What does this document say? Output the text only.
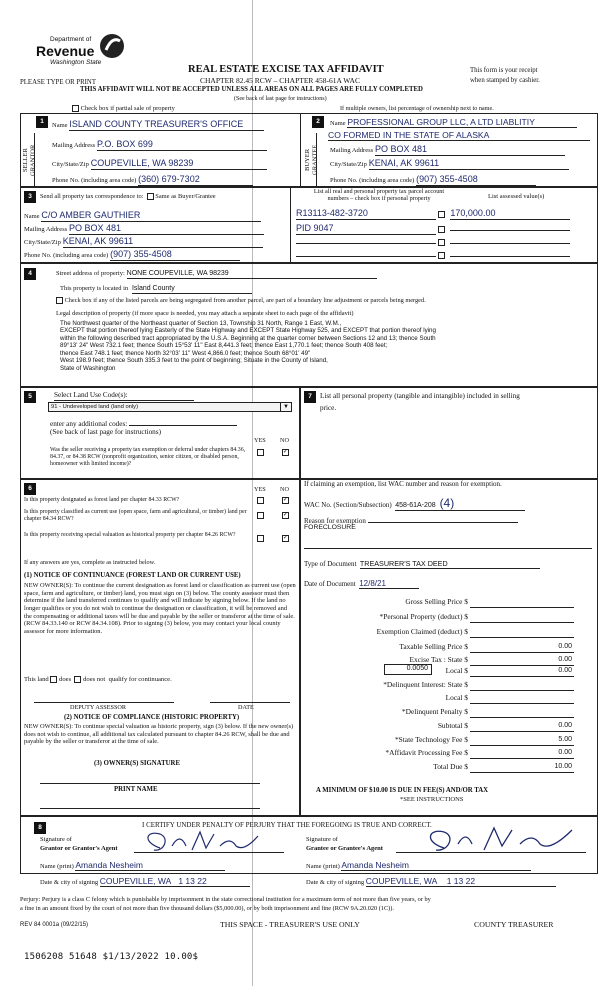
Department of
Revenue
Washington State
REAL ESTATE EXCISE TAX AFFIDAVIT
CHAPTER 82.45 RCW – CHAPTER 458-61A WAC
THIS AFFIDAVIT WILL NOT BE ACCEPTED UNLESS ALL AREAS ON ALL PAGES ARE FULLY COMPLETED
(See back of last page for instructions)
PLEASE TYPE OR PRINT
This form is your receipt
when stamped by cashier.
Check box if partial sale of property	If multiple owners, list percentage of ownership next to name.
1
SELLER
Name ISLAND COUNTY TREASURER'S OFFICE
Mailing Address P.O. BOX 699
City/State/Zip COUPEVILLE, WA 98239
Phone No. (including area code) (360) 679-7302
2
BUYER
Name PROFESSIONAL GROUP LLC, A LTD LIABLITIY
CO FORMED IN THE STATE OF ALASKA
Mailing Address PO BOX 481
City/State/Zip KENAI, AK 99611
Phone No. (including area code) (907) 355-4508
3	Send all property tax correspondence to: Same as Buyer/Grantee
Name C/O AMBER GAUTHIER
Mailing Address PO BOX 481
City/State/Zip KENAI, AK 99611
Phone No. (including area code) (907) 355-4508
List all real and personal property tax parcel account
numbers – check box if personal property	List assessed value(s)
R13113-482-3720	170,000.00
PID 9047

4	Street address of property: NONE COUPEVILLE, WA 98239
This property is located in Island County
Check box if any of the listed parcels are being segregated from another parcel, are part of a boundary line adjustment or parcels being merged.
Legal description of property (if more space is needed, you may attach a separate sheet to each page of the affidavit)
The Northwest quarter of the Northeast quarter of Section 13, Township 31 North, Range 1 East, W.M.,
EXCEPT that portion thereof lying Easterly of the State Highway and EXCEPT State Highway 525, and EXCEPT that portion thereof lying
within the following described tract appropriated by the U.S.A. Beginning at the quarter corner between Sections 12 and 13; thence South
89°13' 24" West 732.1 feet; thence South 15°53' 11" East 8,441.3 feet; thence East 1,770.1 feet; thence South 408 feet;
thence East 748.1 feet; thence North 32°03' 11" West 4,866.0 feet; thence South 68°01' 49"
West 198.9 feet; thence South 335.3 feet to the point of beginning; Situate in the County of Island,
State of Washington
5	Select Land Use Code(s):
91 - Undeveloped land (land only)	▼
enter any additional codes:
(See back of last page for instructions)
YES NO
Was the seller receiving a property tax exemption or deferral under chapters 84.36, 84.37, or 84.38 RCW (nonprofit organization, senior citizen, or disabled person, homeowner with limited income)?
✓
7	List all personal property (tangible and intangible) included in selling
price.
6	YES NO
Is this property designated as forest land per chapter 84.33 RCW?	✓
Is this property classified as current use (open space, farm and agricultural, or timber) land per chapter 84.34 RCW?
✓
Is this property receiving special valuation as historical property per chapter 84.26 RCW?	✓
If any answers are yes, complete as instructed below.
(1) NOTICE OF CONTINUANCE (FOREST LAND OR CURRENT USE)
NEW OWNER(S): To continue the current designation as forest land or classification as current use (open space, farm and agriculture, or timber) land, you must sign on (3) below. The county assessor must then determine if the land transferred continues to qualify and will indicate by signing below. If the land no longer qualifies or you do not wish to continue the designation or classification, it will be removed and the compensating or additional taxes will be due and payable by the seller or transferor at the time of sale. (RCW 84.33.140 or RCW 84.34.108). Prior to signing (3) below, you may contact your local county assessor for more information.
This land does does not qualify for continuance.
DEPUTY ASSESSOR	DATE
(2) NOTICE OF COMPLIANCE (HISTORIC PROPERTY)
NEW OWNER(S): To continue special valuation as historic property, sign (3) below. If the new owner(s) does not wish to continue, all additional tax calculated pursuant to chapter 84.26 RCW, shall be due and payable by the seller or transferor at the time of sale.
(3) OWNER(S) SIGNATURE
PRINT NAME
If claiming an exemption, list WAC number and reason for exemption.
WAC No. (Section/Subsection) 458-61A-208 (4)
Reason for exemption
FORECLOSURE
Type of Document TREASURER'S TAX DEED
Date of Document 12/8/21
Gross Selling Price $
*Personal Property (deduct) $
Exemption Claimed (deduct) $
Taxable Selling Price $	0.00
Excise Tax : State $	0.00
0.0050	Local $	0.00
*Delinquent Interest: State $
Local $
*Delinquent Penalty $
Subtotal $	0.00
*State Technology Fee $	5.00
*Affidavit Processing Fee $	0.00
Total Due $	10.00
A MINIMUM OF $10.00 IS DUE IN FEE(S) AND/OR TAX
*SEE INSTRUCTIONS
8	I CERTIFY UNDER PENALTY OF PERJURY THAT THE FOREGOING IS TRUE AND CORRECT.
Signature of
Grantor or Grantor's Agent
Name (print) Amanda Nesheim
Date & city of signing COUPEVILLE, WA 1 13 22
Signature of
Grantee or Grantee's Agent
Name (print) Amanda Nesheim
Date & city of signing COUPEVILLE, WA 1 13 22
Perjury: Perjury is a class C felony which is punishable by imprisonment in the state correctional institution for a maximum term of not more than five years, or by
a fine in an amount fixed by the court of not more than five thousand dollars ($5,000.00), or by both imprisonment and fine (RCW 9A.20.020 (1C)).
REV 84 0001a (09/22/15)	THIS SPACE - TREASURER'S USE ONLY	COUNTY TREASURER
1506208 51648 $1/13/2022 10.00$
